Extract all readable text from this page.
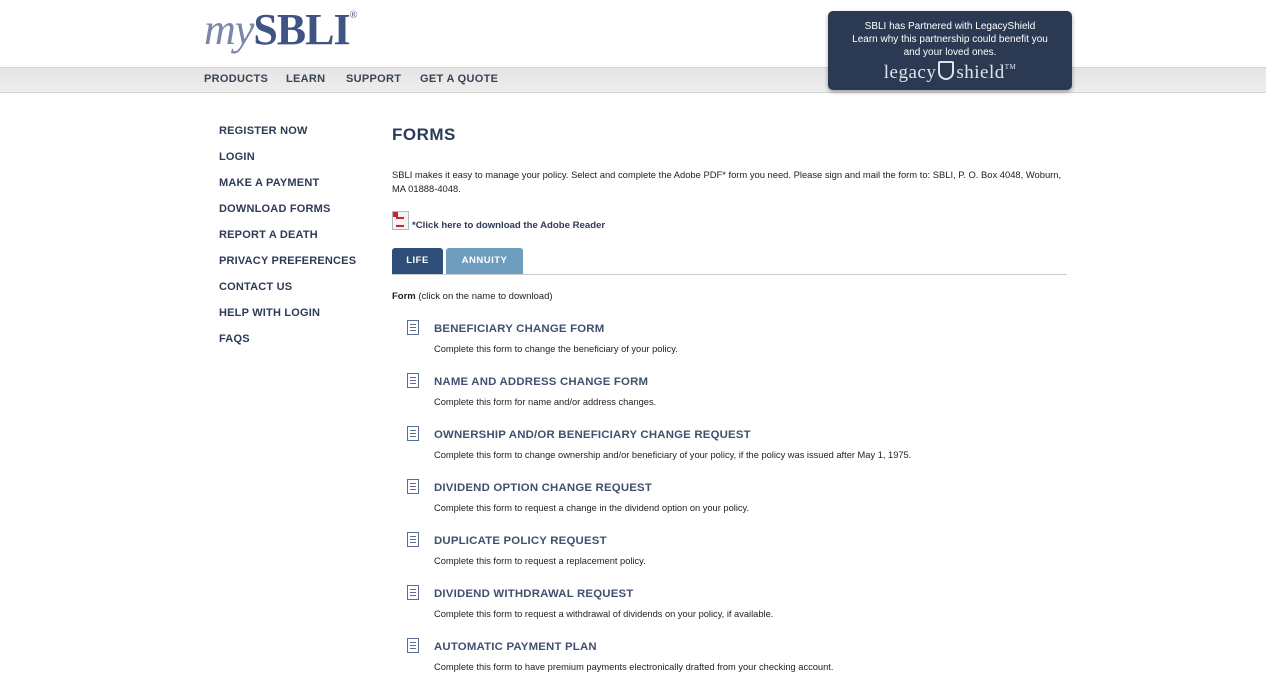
mySBLI®
PRODUCTS LEARN SUPPORT GET A QUOTE
SBLI has Partnered with LegacyShield
Learn why this partnership could benefit you and your loved ones.
legacy shield™
REGISTER NOW
LOGIN
MAKE A PAYMENT
DOWNLOAD FORMS
REPORT A DEATH
PRIVACY PREFERENCES
CONTACT US
HELP WITH LOGIN
FAQS
FORMS
SBLI makes it easy to manage your policy. Select and complete the Adobe PDF* form you need. Please sign and mail the form to: SBLI, P. O. Box 4048, Woburn, MA 01888-4048.
*Click here to download the Adobe Reader
LIFE	ANNUITY
Form (click on the name to download)
BENEFICIARY CHANGE FORM
Complete this form to change the beneficiary of your policy.
NAME AND ADDRESS CHANGE FORM
Complete this form for name and/or address changes.
OWNERSHIP AND/OR BENEFICIARY CHANGE REQUEST
Complete this form to change ownership and/or beneficiary of your policy, if the policy was issued after May 1, 1975.
DIVIDEND OPTION CHANGE REQUEST
Complete this form to request a change in the dividend option on your policy.
DUPLICATE POLICY REQUEST
Complete this form to request a replacement policy.
DIVIDEND WITHDRAWAL REQUEST
Complete this form to request a withdrawal of dividends on your policy, if available.
AUTOMATIC PAYMENT PLAN
Complete this form to have premium payments electronically drafted from your checking account.
